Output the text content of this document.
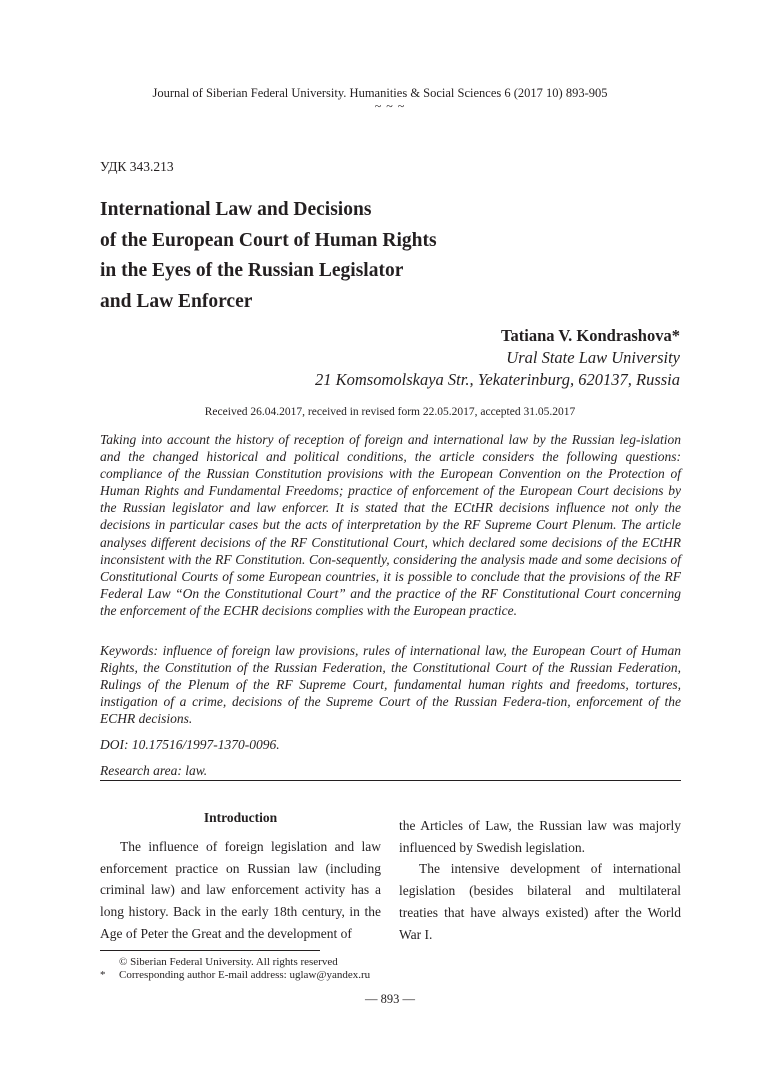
Journal of Siberian Federal University. Humanities & Social Sciences 6 (2017 10) 893-905
~ ~ ~
УДК 343.213
International Law and Decisions
of the European Court of Human Rights
in the Eyes of the Russian Legislator
and Law Enforcer
Tatiana V. Kondrashova*
Ural State Law University
21 Komsomolskaya Str., Yekaterinburg, 620137, Russia
Received 26.04.2017, received in revised form 22.05.2017, accepted 31.05.2017

Taking into account the history of reception of foreign and international law by the Russian leg-islation and the changed historical and political conditions, the article considers the following questions: compliance of the Russian Constitution provisions with the European Convention on the Protection of Human Rights and Fundamental Freedoms; practice of enforcement of the European Court decisions by the Russian legislator and law enforcer. It is stated that the ECtHR decisions influence not only the decisions in particular cases but the acts of interpretation by the RF Supreme Court Plenum. The article analyses different decisions of the RF Constitutional Court, which declared some decisions of the ECtHR inconsistent with the RF Constitution. Con-sequently, considering the analysis made and some decisions of Constitutional Courts of some European countries, it is possible to conclude that the provisions of the RF Federal Law “On the Constitutional Court” and the practice of the RF Constitutional Court concerning the enforcement of the ECHR decisions complies with the European practice.

Keywords: influence of foreign law provisions, rules of international law, the European Court of Human Rights, the Constitution of the Russian Federation, the Constitutional Court of the Russian Federation, Rulings of the Plenum of the RF Supreme Court, fundamental human rights and freedoms, tortures, instigation of a crime, decisions of the Supreme Court of the Russian Federa-tion, enforcement of the ECHR decisions.

DOI: 10.17516/1997-1370-0096.
Research area: law.
Introduction

The influence of foreign legislation and law enforcement practice on Russian law (including criminal law) and law enforcement activity has a long history. Back in the early 18th century, in the Age of Peter the Great and the development of

the Articles of Law, the Russian law was majorly influenced by Swedish legislation.

The intensive development of international legislation (besides bilateral and multilateral treaties that have always existed) after the World War I.

© Siberian Federal University. All rights reserved
* Corresponding author E-mail address: uglaw@yandex.ru
— 893 —
